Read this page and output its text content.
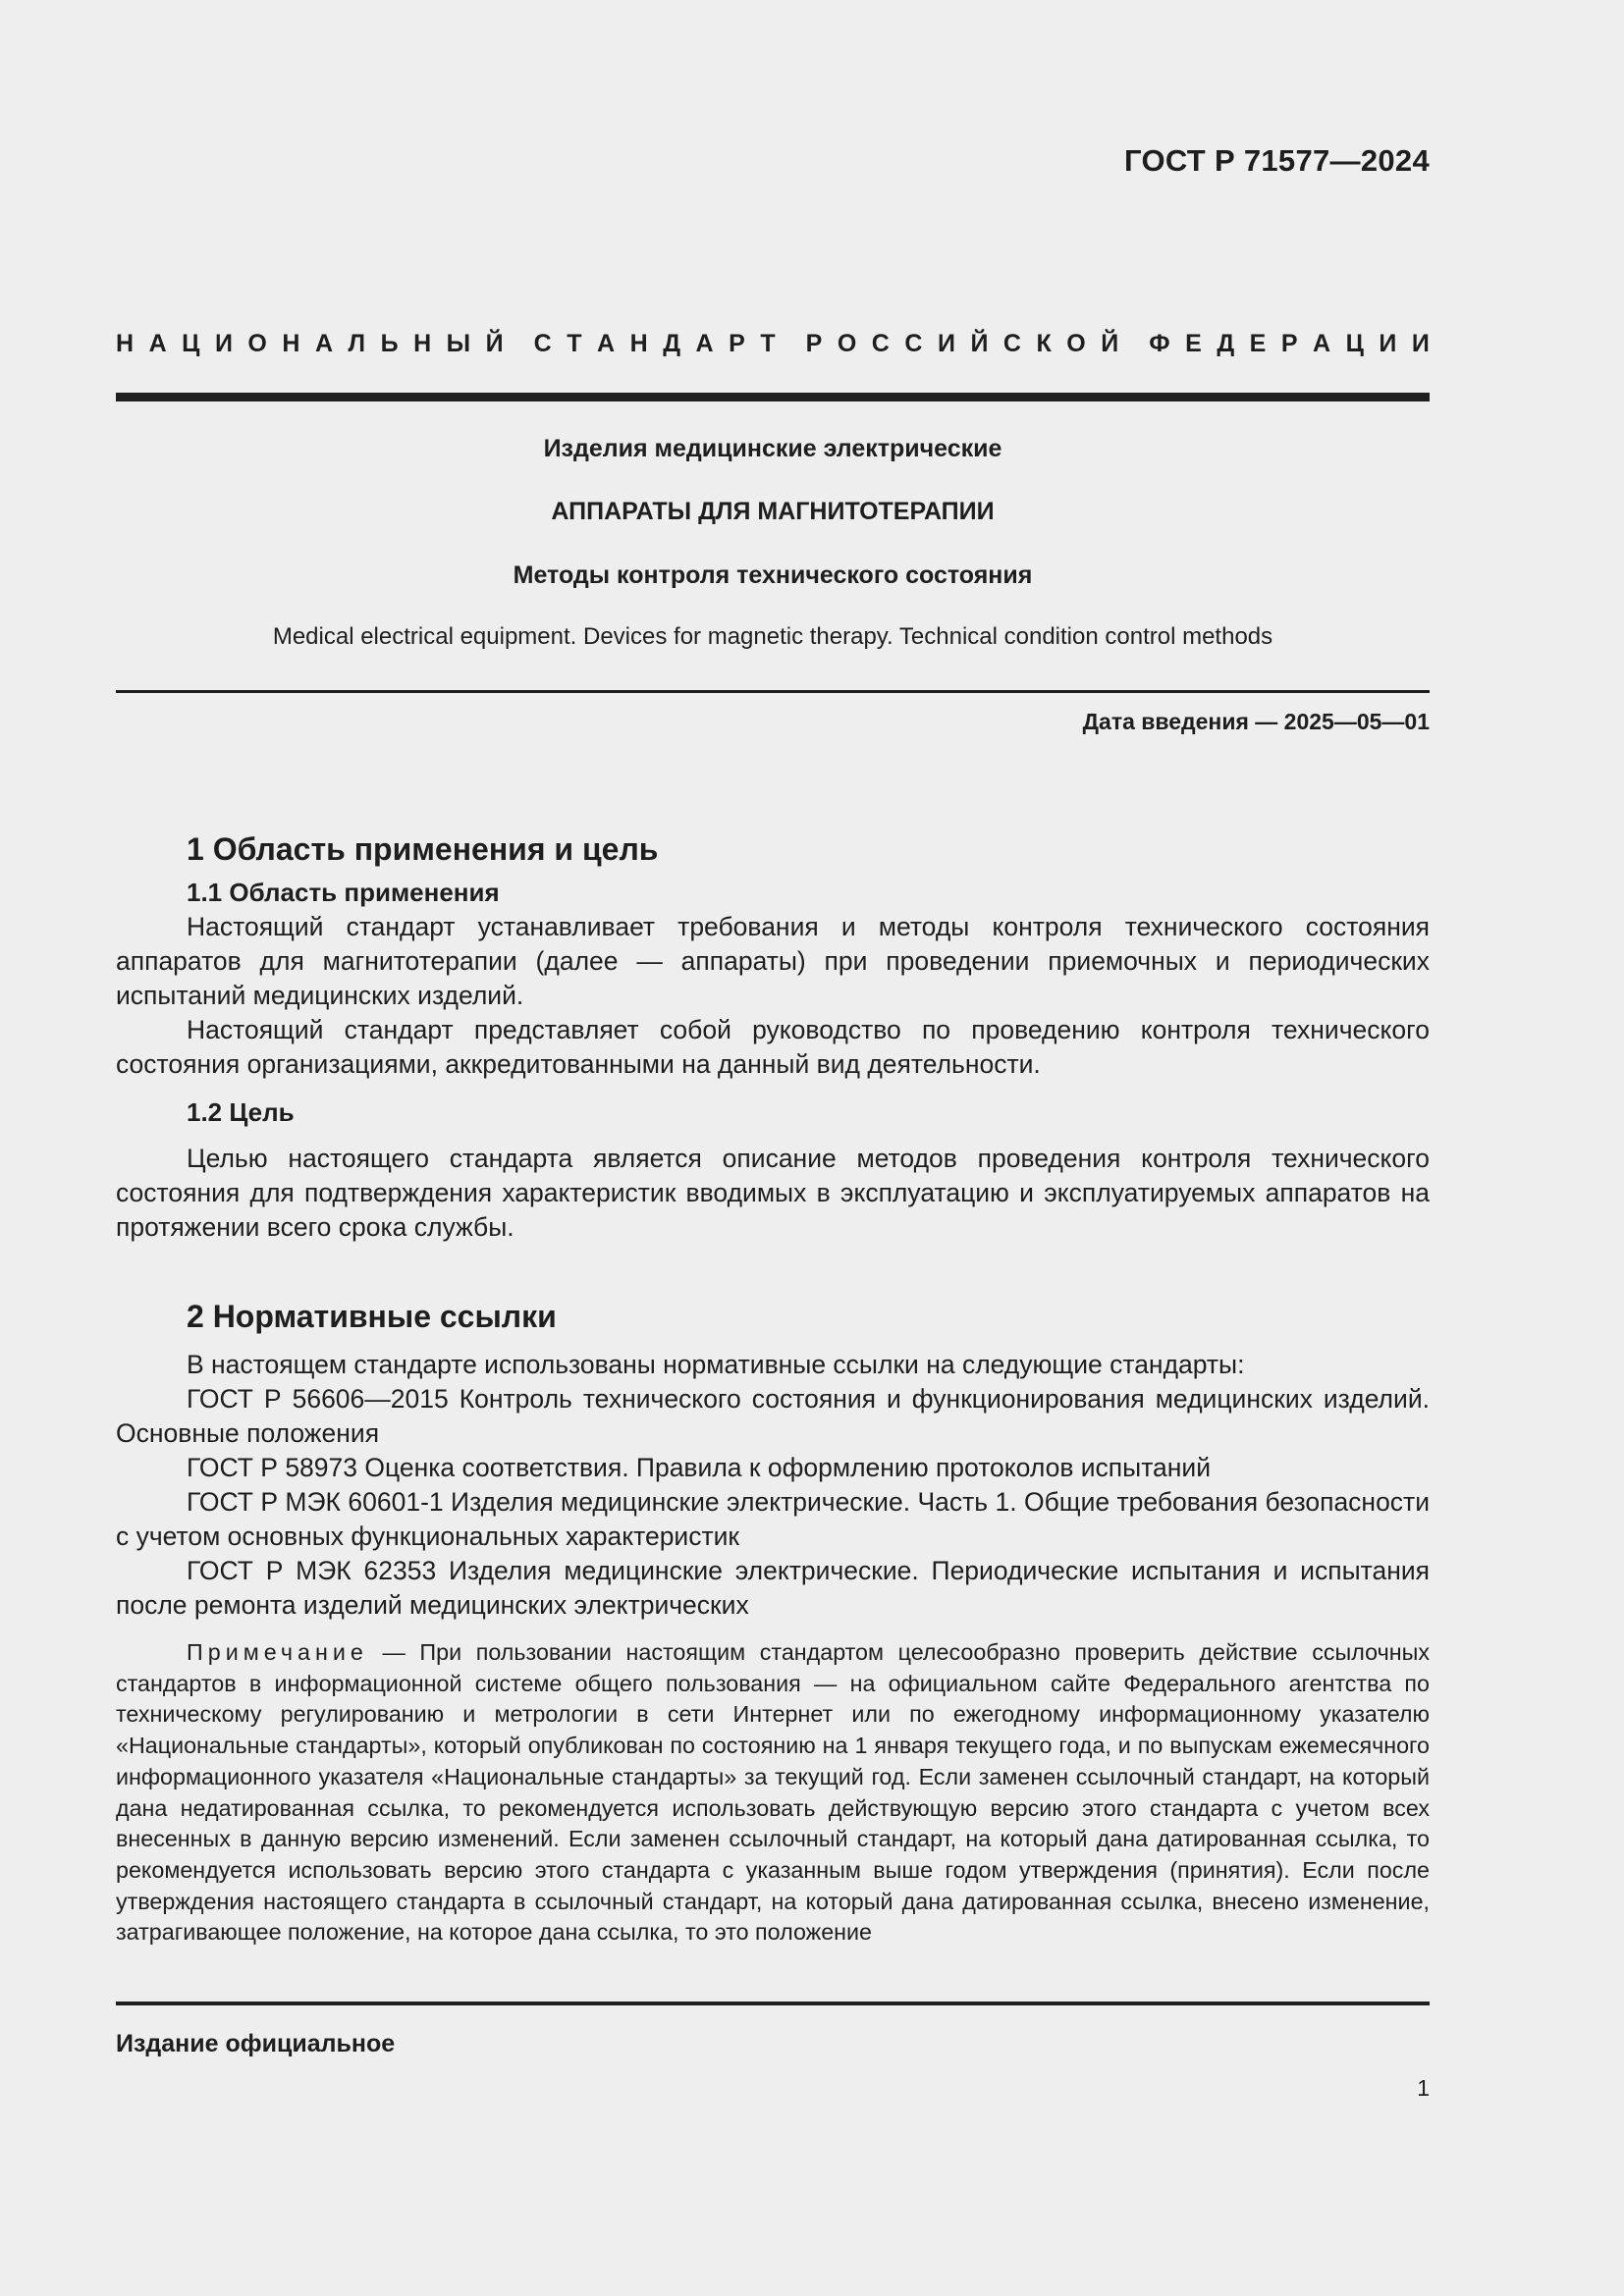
ГОСТ Р 71577—2024
Н А Ц И О Н А Л Ь Н Ы Й С Т А Н Д А Р Т Р О С С И Й С К О Й Ф Е Д Е Р А Ц И И
Изделия медицинские электрические
АППАРАТЫ ДЛЯ МАГНИТОТЕРАПИИ
Методы контроля технического состояния
Medical electrical equipment. Devices for magnetic therapy. Technical condition control methods
Дата введения — 2025—05—01

1 Область применения и цель

1.1 Область применения

Настоящий стандарт устанавливает требования и методы контроля технического состояния аппаратов для магнитотерапии (далее — аппараты) при проведении приемочных и периодических испытаний медицинских изделий.

Настоящий стандарт представляет собой руководство по проведению контроля технического состояния организациями, аккредитованными на данный вид деятельности.

1.2 Цель

Целью настоящего стандарта является описание методов проведения контроля технического состояния для подтверждения характеристик вводимых в эксплуатацию и эксплуатируемых аппаратов на протяжении всего срока службы.

2 Нормативные ссылки

В настоящем стандарте использованы нормативные ссылки на следующие стандарты:

ГОСТ Р 56606—2015 Контроль технического состояния и функционирования медицинских изделий. Основные положения

ГОСТ Р 58973 Оценка соответствия. Правила к оформлению протоколов испытаний

ГОСТ Р МЭК 60601-1 Изделия медицинские электрические. Часть 1. Общие требования безопасности с учетом основных функциональных характеристик

ГОСТ Р МЭК 62353 Изделия медицинские электрические. Периодические испытания и испытания после ремонта изделий медицинских электрических

Примечание — При пользовании настоящим стандартом целесообразно проверить действие ссылочных стандартов в информационной системе общего пользования — на официальном сайте Федерального агентства по техническому регулированию и метрологии в сети Интернет или по ежегодному информационному указателю «Национальные стандарты», который опубликован по состоянию на 1 января текущего года, и по выпускам ежемесячного информационного указателя «Национальные стандарты» за текущий год. Если заменен ссылочный стандарт, на который дана недатированная ссылка, то рекомендуется использовать действующую версию этого стандарта с учетом всех внесенных в данную версию изменений. Если заменен ссылочный стандарт, на который дана датированная ссылка, то рекомендуется использовать версию этого стандарта с указанным выше годом утверждения (принятия). Если после утверждения настоящего стандарта в ссылочный стандарт, на который дана датированная ссылка, внесено изменение, затрагивающее положение, на которое дана ссылка, то это положение

Издание официальное
1
